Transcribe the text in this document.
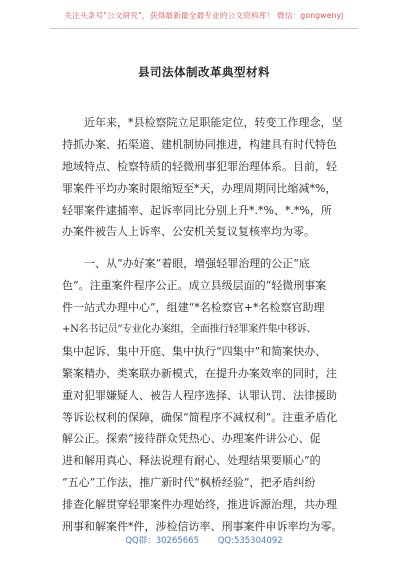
关注头条号"公文研究"，获得最新最全最专业的公文资料库！ 微信：gongwenyj
县司法体制改革典型材料
近年来，*县检察院立足职能定位，转变工作理念，坚
持抓办案、拓渠道、建机制协同推进，构建具有时代特色
地域特点、检察特质的轻微刑事犯罪治理体系。目前，轻
罪案件平均办案时限缩短至*天，办理周期同比缩减*%，
轻罪案件逮捕率、起诉率同比分别上升*.*%、*.*%，所
办案件被告人上诉率、公安机关复议复核率均为零。
一、从“办好案”着眼，增强轻罪治理的公正“底
色”。注重案件程序公正。成立县级层面的“轻微刑事案
件一站式办理中心”，组建“*名检察官+*名检察官助理
+N名书记员”专业化办案组，全面推行轻罪案件集中移诉、
集中起诉、集中开庭、集中执行“四集中”和简案快办、
繁案精办、类案联办新模式，在提升办案效率的同时，注
重对犯罪嫌疑人、被告人程序选择、认罪认罚、法律援助
等诉讼权利的保障，确保“简程序不减权利”。注重矛盾化
解公正。探索“接待群众凭热心、办理案件讲公心、促
进和解用真心、释法说理有耐心、处理结果要顺心”的
“五心”工作法，推广新时代“枫桥经验”，把矛盾纠纷
排查化解贯穿轻罪案件办理始终，推进诉源治理，共办理
刑事和解案件*件，涉检信访率、刑事案件申诉率均为零。
QQ群：30265665 QQ:535304092
